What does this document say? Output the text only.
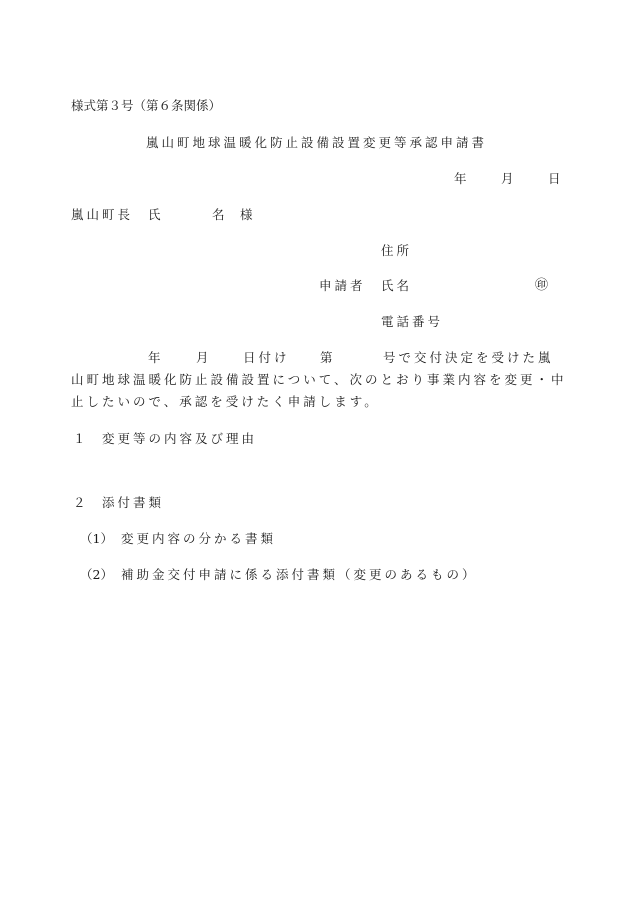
様式第３号（第６条関係）
嵐山町地球温暖化防止設備設置変更等承認申請書
年	月	日
嵐山町長 氏	名 様
住所
申請者 氏名	㊞
電話番号
年	月	日付け 第	号で交付決定を受けた嵐
山町地球温暖化防止設備設置について、次のとおり事業内容を変更・中
止したいので、承認を受けたく申請します。
１ 変更等の内容及び理由
２ 添付書類
（1） 変更内容の分かる書類
（2） 補助金交付申請に係る添付書類（変更のあるもの）
